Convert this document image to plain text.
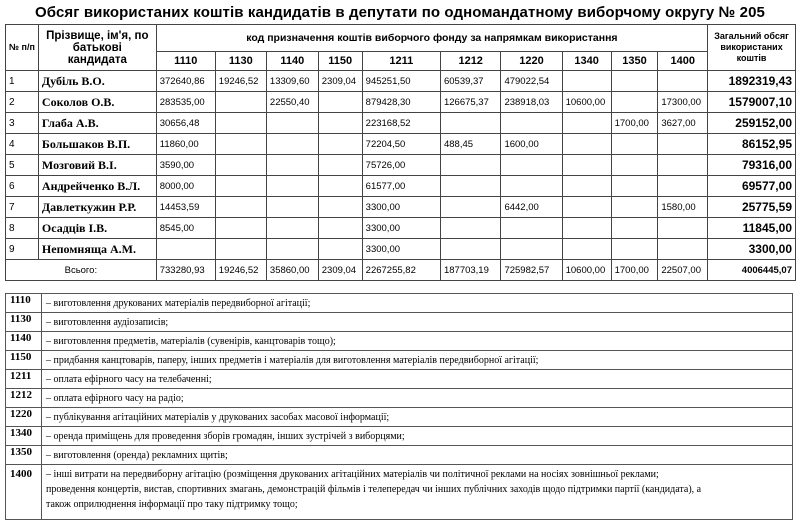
Обсяг використаних коштів кандидатів в депутати по одномандатному виборчому округу № 205
№ п/п	Прізвище, ім'я, по батькові кандидата	код призначення коштів виборчого фонду за напрямкам використання										Загальний обсяг використаних коштів
		1110	1130	1140	1150	1211	1212	1220	1340	1350	1400	
1	Дубіль В.О.	372640,86	19246,52	13309,60	2309,04	945251,50	60539,37	479022,54				1892319,43
2	Соколов О.В.	283535,00		22550,40		879428,30	126675,37	238918,03	10600,00		17300,00	1579007,10
3	Глаба А.В.	30656,48				223168,52				1700,00	3627,00	259152,00
4	Большаков В.П.	11860,00				72204,50	488,45	1600,00				86152,95
5	Мозговий В.І.	3590,00				75726,00						79316,00
6	Андрейченко В.Л.	8000,00				61577,00						69577,00
7	Давлеткужин Р.Р.	14453,59				3300,00		6442,00			1580,00	25775,59
8	Осадців І.В.	8545,00				3300,00						11845,00
9	Непомняща А.М.					3300,00						3300,00
Всього:		733280,93	19246,52	35860,00	2309,04	2267255,82	187703,19	725982,57	10600,00	1700,00	22507,00	4006445,07
1110	– виготовлення друкованих матеріалів передвиборної агітації;
1130	– виготовлення аудіозаписів;
1140	– виготовлення предметів, матеріалів (сувенірів, канцтоварів тощо);
1150	– придбання канцтоварів, паперу, інших предметів і матеріалів для виготовлення матеріалів передвиборної агітації;
1211	– оплата ефірного часу на телебаченні;
1212	– оплата ефірного часу на радіо;
1220	– публікування агітаційних матеріалів у друкованих засобах масової інформації;
1340	– оренда приміщень для проведення зборів громадян, інших зустрічей з виборцями;
1350	– виготовлення (оренда) рекламних щитів;
1400	– інші витрати на передвиборну агітацію (розміщення друкованих агітаційних матеріалів чи політичної реклами на носіях зовнішньої реклами;
проведення концертів, вистав, спортивних змагань, демонстрацій фільмів і телепередач чи інших публічних заходів щодо підтримки партії (кандидата), а
також оприлюднення інформації про таку підтримку тощо;
